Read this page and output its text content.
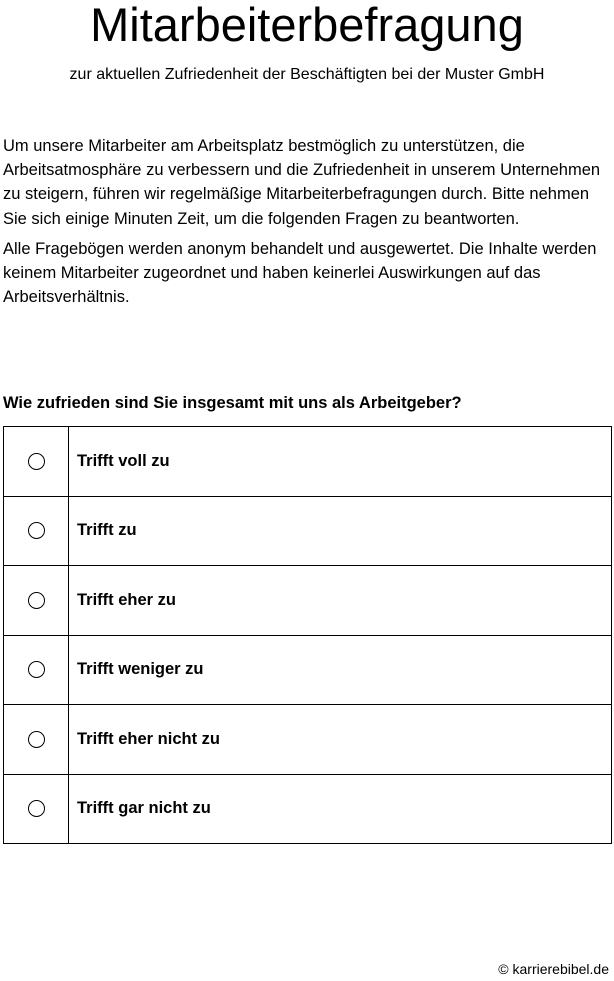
Mitarbeiterbefragung
zur aktuellen Zufriedenheit der Beschäftigten bei der Muster GmbH

Um unsere Mitarbeiter am Arbeitsplatz bestmöglich zu unterstützen, die Arbeitsatmosphäre zu verbessern und die Zufriedenheit in unserem Unternehmen zu steigern, führen wir regelmäßige Mitarbeiterbefragungen durch. Bitte nehmen Sie sich einige Minuten Zeit, um die folgenden Fragen zu beantworten.

Alle Fragebögen werden anonym behandelt und ausgewertet. Die Inhalte werden keinem Mitarbeiter zugeordnet und haben keinerlei Auswirkungen auf das Arbeitsverhältnis.

Wie zufrieden sind Sie insgesamt mit uns als Arbeitgeber?
	Trifft voll zu
	Trifft zu
	Trifft eher zu
	Trifft weniger zu
	Trifft eher nicht zu
	Trifft gar nicht zu
© karrierebibel.de
